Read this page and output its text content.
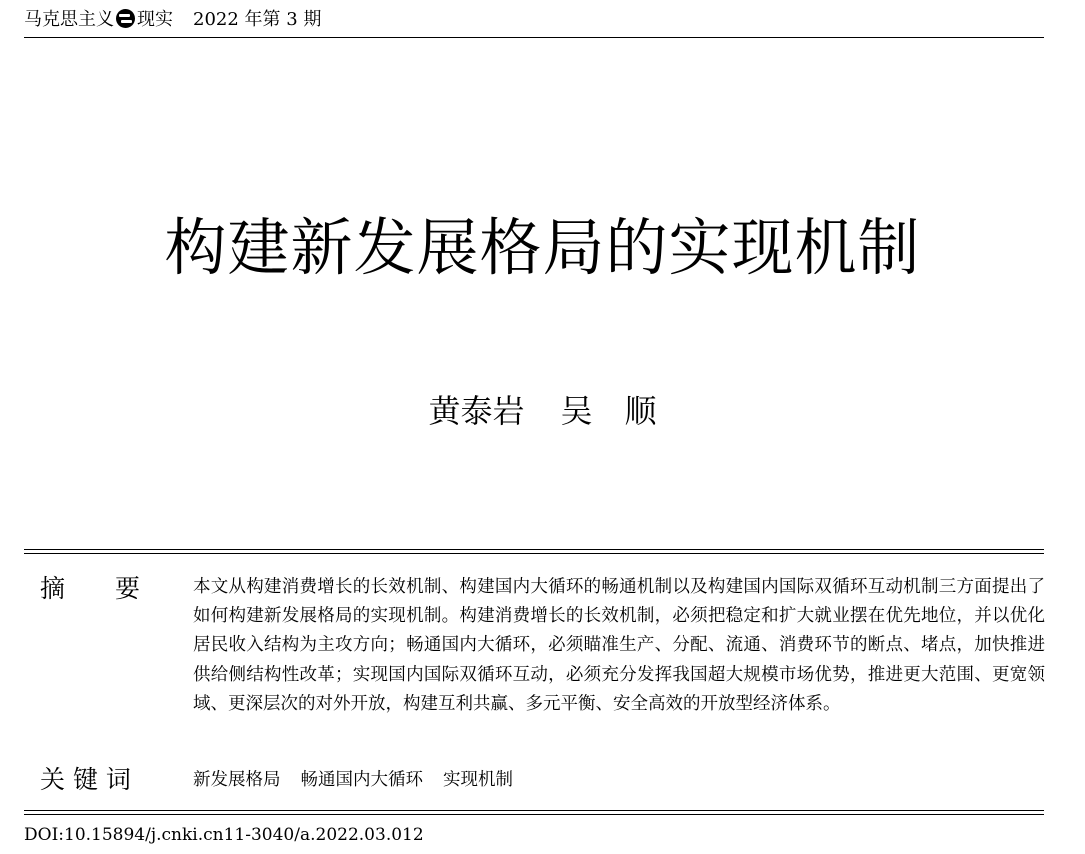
马克思主义 现实 2022 年第 3 期
构建新发展格局的实现机制
黄泰岩 吴　顺
摘　　要	本文从构建消费增长的长效机制、构建国内大循环的畅通机制以及构建国内国际双循环互动机制三方面提出了如何构建新发展格局的实现机制。构建消费增长的长效机制，必须把稳定和扩大就业摆在优先地位，并以优化居民收入结构为主攻方向；畅通国内大循环，必须瞄准生产、分配、流通、消费环节的断点、堵点，加快推进供给侧结构性改革；实现国内国际双循环互动，必须充分发挥我国超大规模市场优势，推进更大范围、更宽领域、更深层次的对外开放，构建互利共赢、多元平衡、安全高效的开放型经济体系。
关 键 词	新发展格局 畅通国内大循环 实现机制
DOI:10.15894/j.cnki.cn11-3040/a.2022.03.012
